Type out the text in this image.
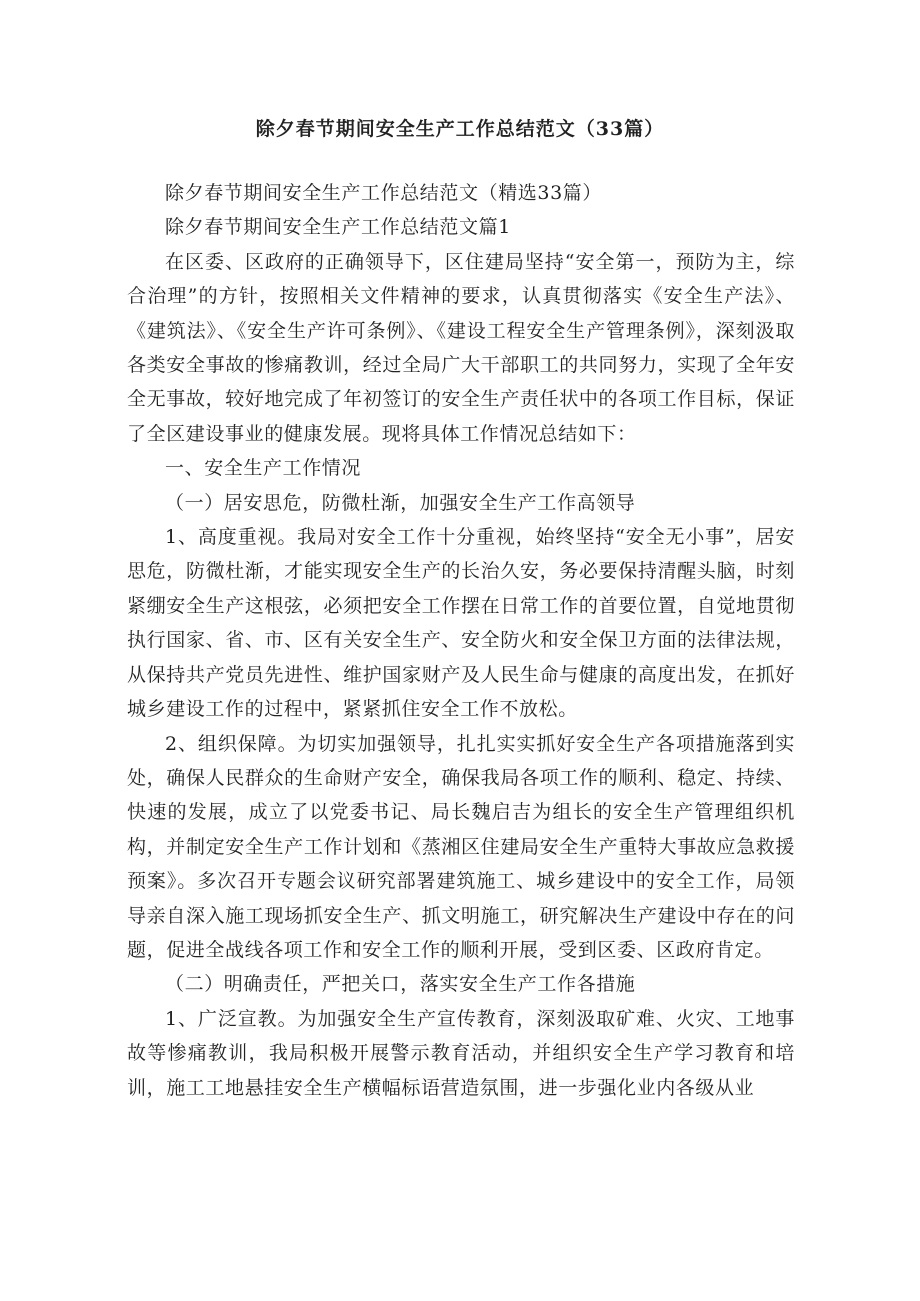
除夕春节期间安全生产工作总结范文（33篇）

除夕春节期间安全生产工作总结范文（精选33篇）

除夕春节期间安全生产工作总结范文篇1

在区委、区政府的正确领导下，区住建局坚持“安全第一，预防为主，综合治理”的方针，按照相关文件精神的要求，认真贯彻落实《安全生产法》、《建筑法》、《安全生产许可条例》、《建设工程安全生产管理条例》，深刻汲取各类安全事故的惨痛教训，经过全局广大干部职工的共同努力，实现了全年安全无事故，较好地完成了年初签订的安全生产责任状中的各项工作目标，保证了全区建设事业的健康发展。现将具体工作情况总结如下：

一、安全生产工作情况

（一）居安思危，防微杜渐，加强安全生产工作高领导

1、高度重视。我局对安全工作十分重视，始终坚持“安全无小事”，居安思危，防微杜渐，才能实现安全生产的长治久安，务必要保持清醒头脑，时刻紧绷安全生产这根弦，必须把安全工作摆在日常工作的首要位置，自觉地贯彻执行国家、省、市、区有关安全生产、安全防火和安全保卫方面的法律法规，从保持共产党员先进性、维护国家财产及人民生命与健康的高度出发，在抓好城乡建设工作的过程中，紧紧抓住安全工作不放松。

2、组织保障。为切实加强领导，扎扎实实抓好安全生产各项措施落到实处，确保人民群众的生命财产安全，确保我局各项工作的顺利、稳定、持续、快速的发展，成立了以党委书记、局长魏启吉为组长的安全生产管理组织机构，并制定安全生产工作计划和《蒸湘区住建局安全生产重特大事故应急救援预案》。多次召开专题会议研究部署建筑施工、城乡建设中的安全工作，局领导亲自深入施工现场抓安全生产、抓文明施工，研究解决生产建设中存在的问题，促进全战线各项工作和安全工作的顺利开展，受到区委、区政府肯定。

（二）明确责任，严把关口，落实安全生产工作各措施

1、广泛宣教。为加强安全生产宣传教育，深刻汲取矿难、火灾、工地事故等惨痛教训，我局积极开展警示教育活动，并组织安全生产学习教育和培训，施工工地悬挂安全生产横幅标语营造氛围，进一步强化业内各级从业
